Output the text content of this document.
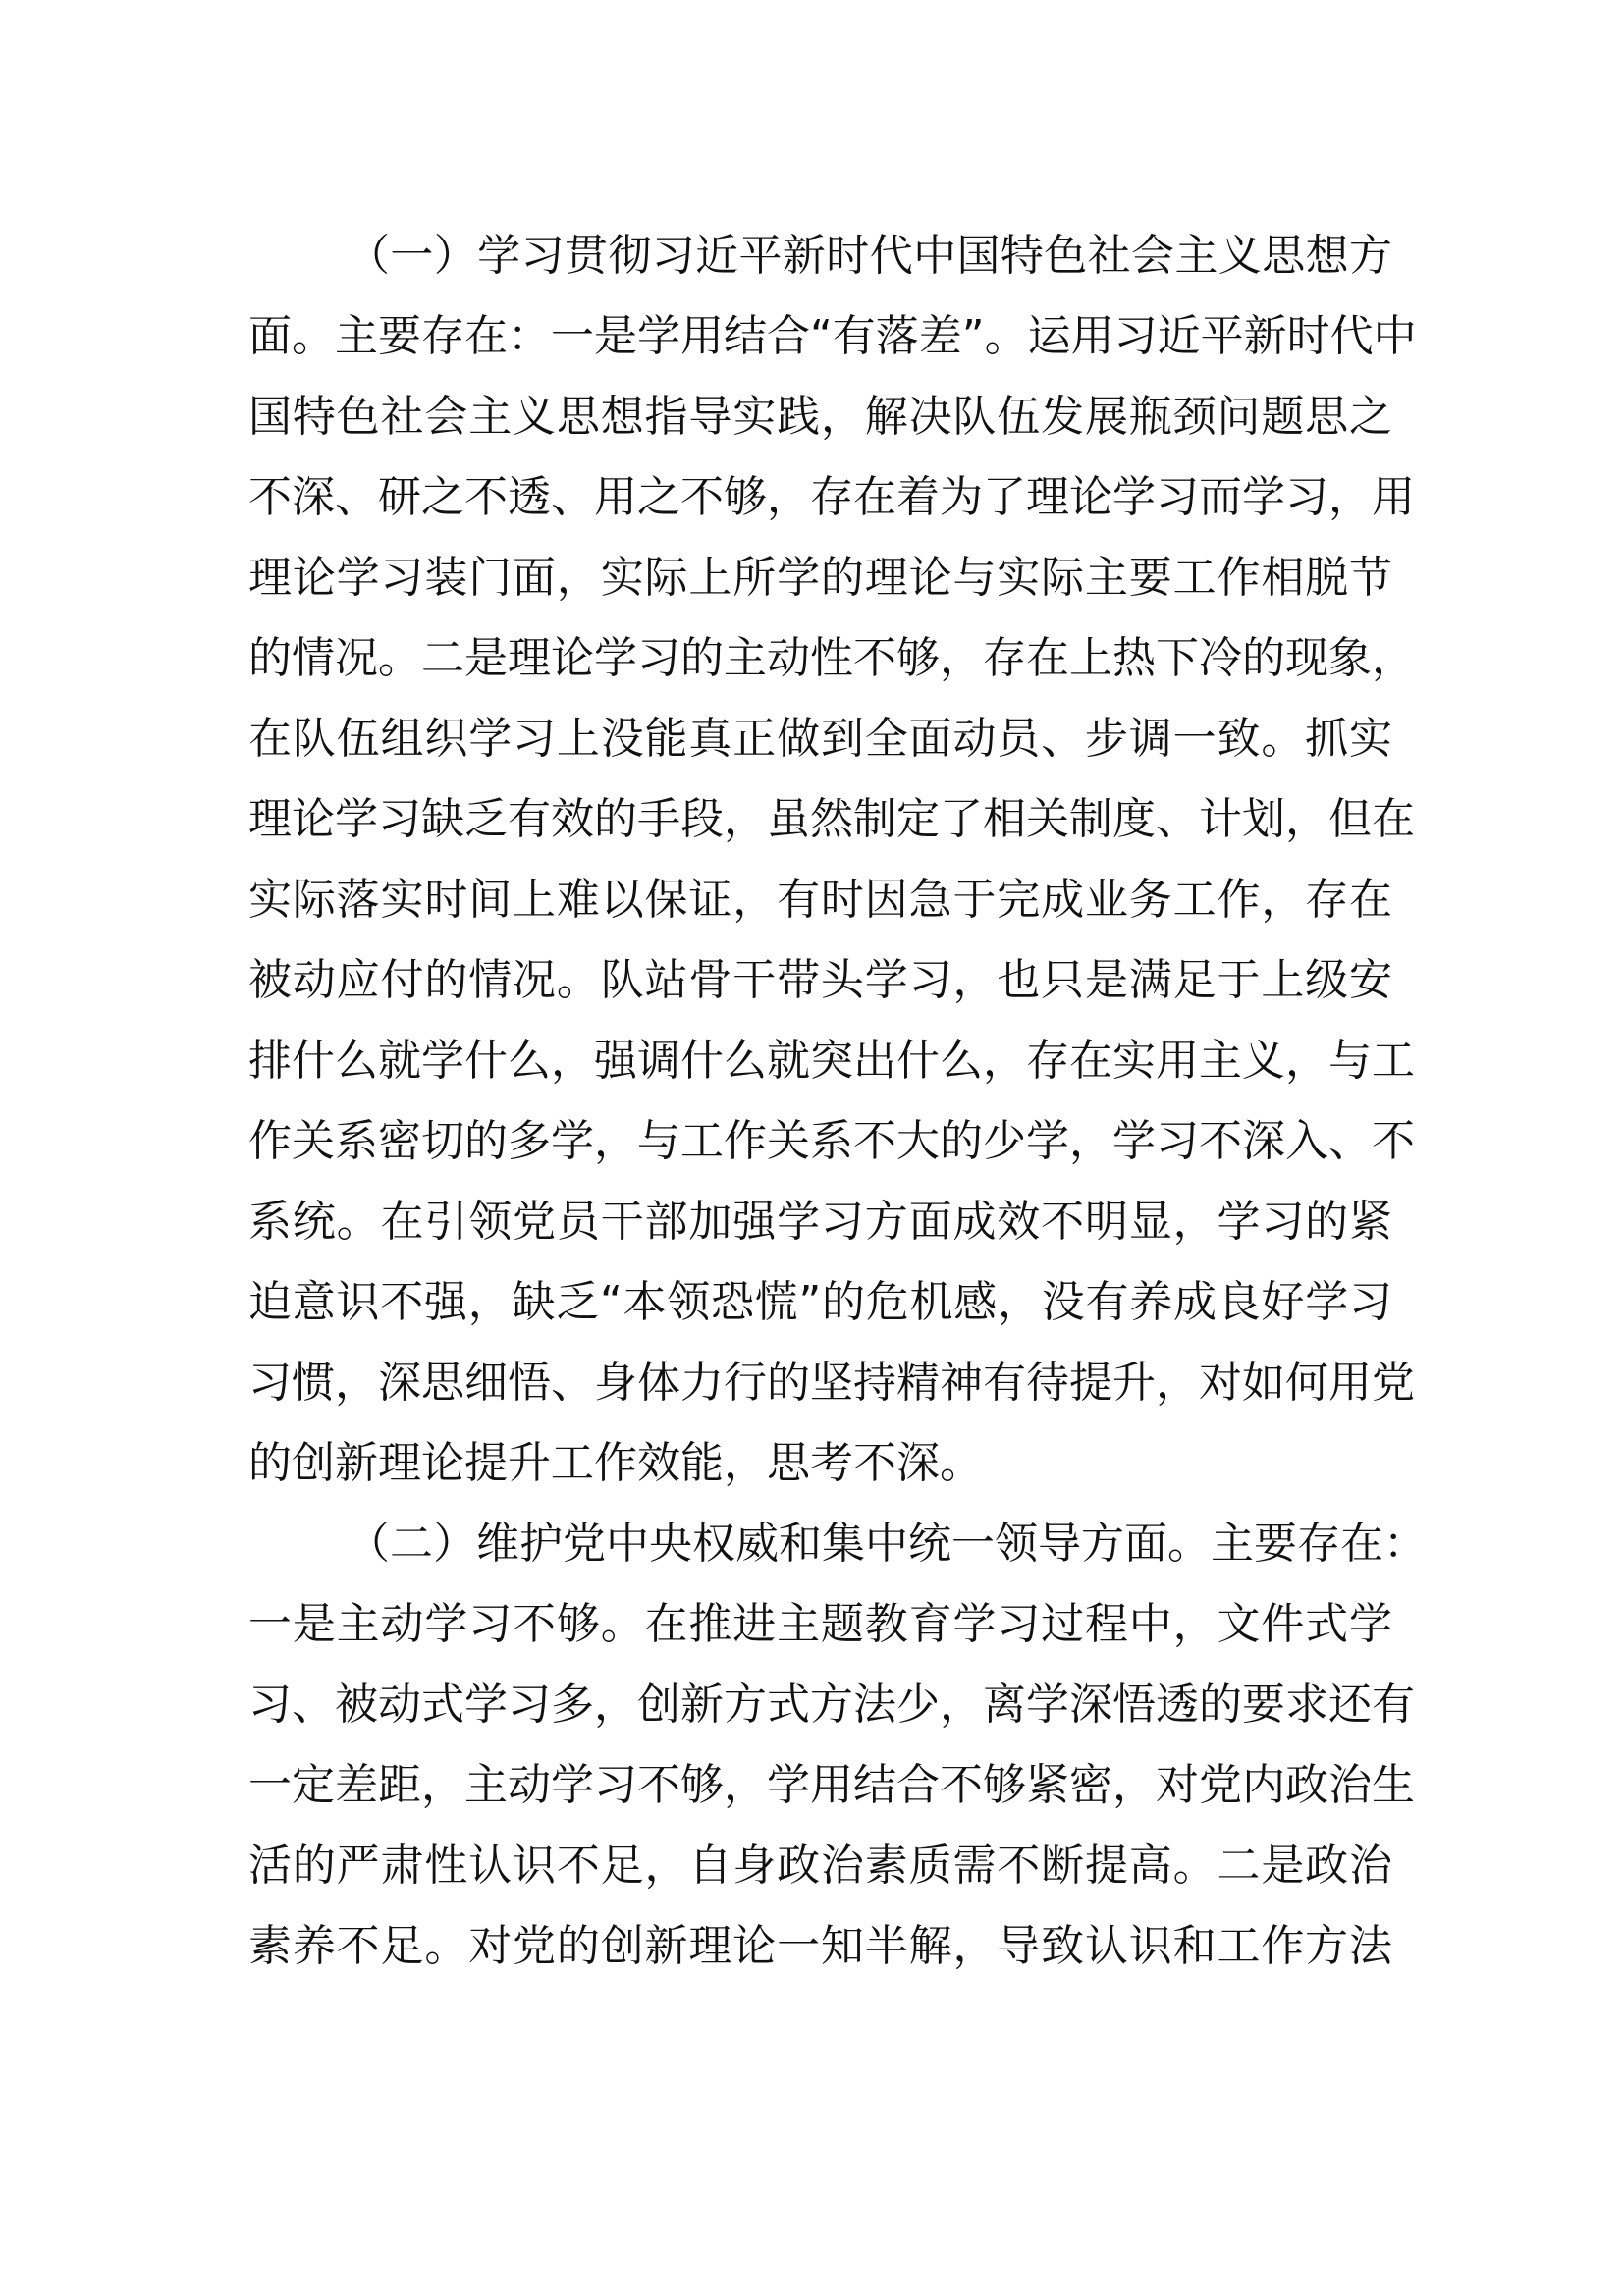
（一）学习贯彻习近平新时代中国特色社会主义思想方
面。主要存在：一是学用结合“有落差”。运用习近平新时代中
国特色社会主义思想指导实践，解决队伍发展瓶颈问题思之
不深、研之不透、用之不够，存在着为了理论学习而学习，用
理论学习装门面，实际上所学的理论与实际主要工作相脱节
的情况。二是理论学习的主动性不够，存在上热下冷的现象，
在队伍组织学习上没能真正做到全面动员、步调一致。抓实
理论学习缺乏有效的手段，虽然制定了相关制度、计划，但在
实际落实时间上难以保证，有时因急于完成业务工作，存在
被动应付的情况。队站骨干带头学习，也只是满足于上级安
排什么就学什么，强调什么就突出什么，存在实用主义，与工
作关系密切的多学，与工作关系不大的少学，学习不深入、不
系统。在引领党员干部加强学习方面成效不明显，学习的紧
迫意识不强，缺乏“本领恐慌”的危机感，没有养成良好学习
习惯，深思细悟、身体力行的坚持精神有待提升，对如何用党
的创新理论提升工作效能，思考不深。
（二）维护党中央权威和集中统一领导方面。主要存在：
一是主动学习不够。在推进主题教育学习过程中，文件式学
习、被动式学习多，创新方式方法少，离学深悟透的要求还有
一定差距，主动学习不够，学用结合不够紧密，对党内政治生
活的严肃性认识不足，自身政治素质需不断提高。二是政治
素养不足。对党的创新理论一知半解，导致认识和工作方法
